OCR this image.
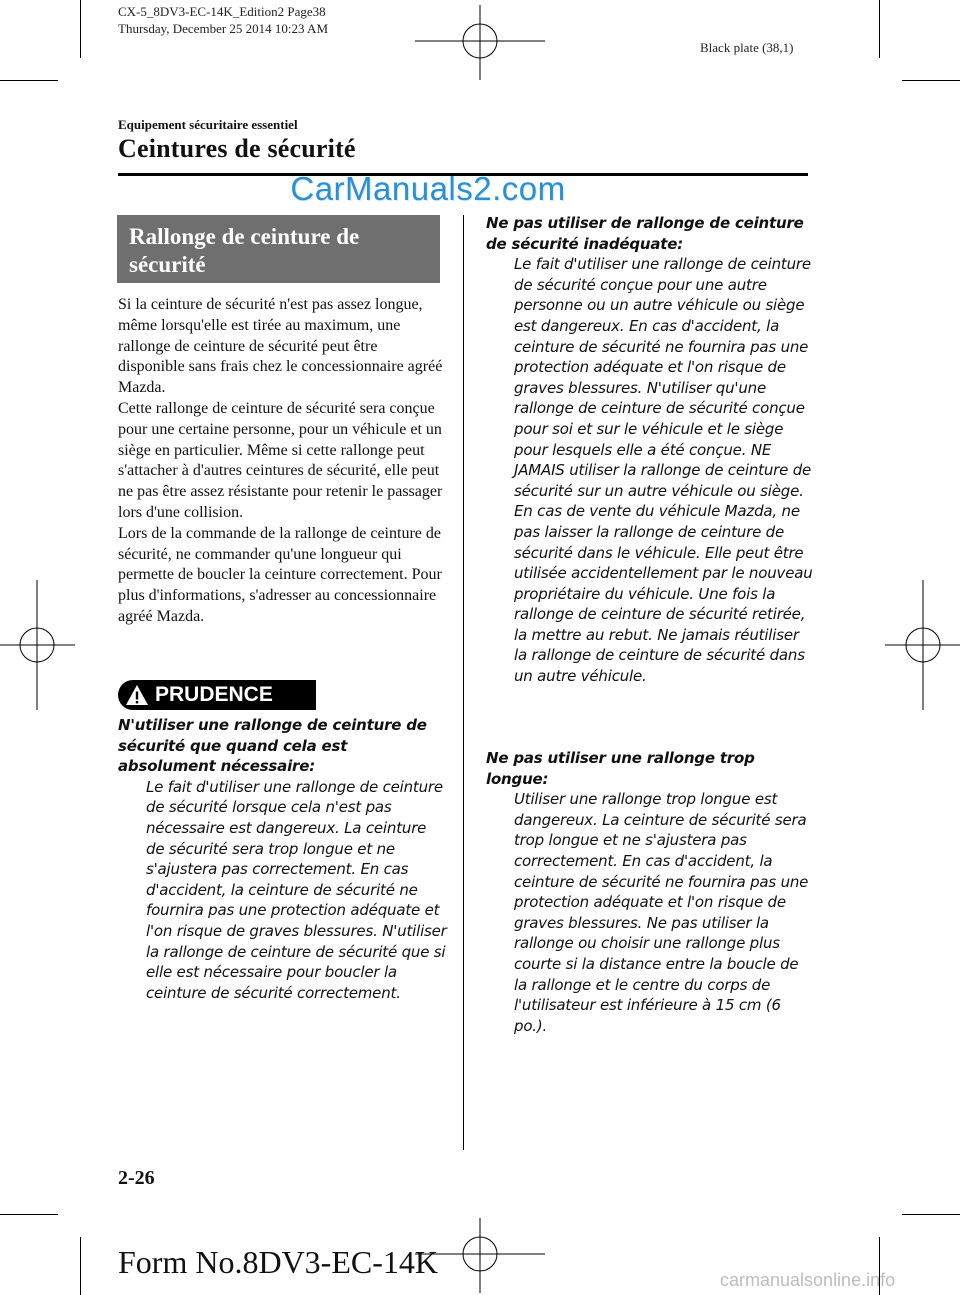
CX-5_8DV3-EC-14K_Edition2 Page38
Thursday, December 25 2014 10:23 AM
Black plate (38,1)
Equipement sécuritaire essentiel
Ceintures de sécurité
CarManuals2.com
Rallonge de ceinture de sécurité
Si la ceinture de sécurité n'est pas assez longue, même lorsqu'elle est tirée au maximum, une rallonge de ceinture de sécurité peut être disponible sans frais chez le concessionnaire agréé Mazda.
Cette rallonge de ceinture de sécurité sera conçue pour une certaine personne, pour un véhicule et un siège en particulier. Même si cette rallonge peut s'attacher à d'autres ceintures de sécurité, elle peut ne pas être assez résistante pour retenir le passager lors d'une collision.
Lors de la commande de la rallonge de ceinture de sécurité, ne commander qu'une longueur qui permette de boucler la ceinture correctement. Pour plus d'informations, s'adresser au concessionnaire agréé Mazda.
PRUDENCE

N'utiliser une rallonge de ceinture de sécurité que quand cela est absolument nécessaire:

Le fait d'utiliser une rallonge de ceinture de sécurité lorsque cela n'est pas nécessaire est dangereux. La ceinture de sécurité sera trop longue et ne s'ajustera pas correctement. En cas d'accident, la ceinture de sécurité ne fournira pas une protection adéquate et l'on risque de graves blessures. N'utiliser la rallonge de ceinture de sécurité que si elle est nécessaire pour boucler la ceinture de sécurité correctement.

Ne pas utiliser de rallonge de ceinture de sécurité inadéquate:

Le fait d'utiliser une rallonge de ceinture de sécurité conçue pour une autre personne ou un autre véhicule ou siège est dangereux. En cas d'accident, la ceinture de sécurité ne fournira pas une protection adéquate et l'on risque de graves blessures. N'utiliser qu'une rallonge de ceinture de sécurité conçue pour soi et sur le véhicule et le siège pour lesquels elle a été conçue. NE JAMAIS utiliser la rallonge de ceinture de sécurité sur un autre véhicule ou siège. En cas de vente du véhicule Mazda, ne pas laisser la rallonge de ceinture de sécurité dans le véhicule. Elle peut être utilisée accidentellement par le nouveau propriétaire du véhicule. Une fois la rallonge de ceinture de sécurité retirée, la mettre au rebut. Ne jamais réutiliser la rallonge de ceinture de sécurité dans un autre véhicule.

Ne pas utiliser une rallonge trop longue:

Utiliser une rallonge trop longue est dangereux. La ceinture de sécurité sera trop longue et ne s'ajustera pas correctement. En cas d'accident, la ceinture de sécurité ne fournira pas une protection adéquate et l'on risque de graves blessures. Ne pas utiliser la rallonge ou choisir une rallonge plus courte si la distance entre la boucle de la rallonge et le centre du corps de l'utilisateur est inférieure à 15 cm (6 po.).

2-26
Form No.8DV3-EC-14K	carmanualsonline.info
